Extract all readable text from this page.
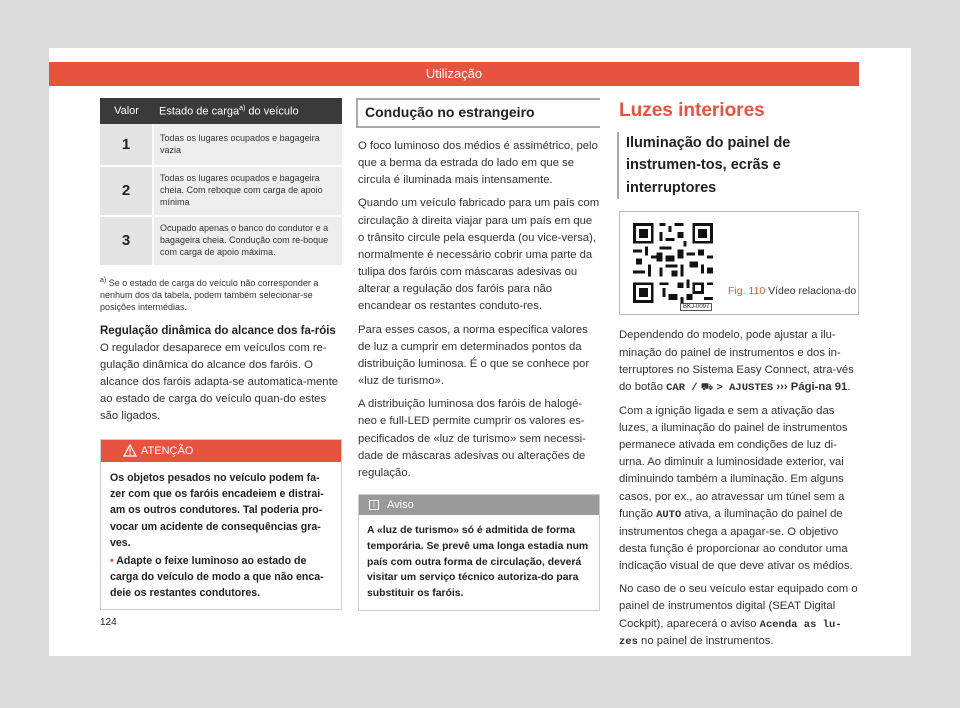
Utilização
Valor	Estado de carga$^{a)}$ do veículo
1	Todas os lugares ocupados e bagageira vazia
2	Todas os lugares ocupados e bagageira cheia. Com reboque com carga de apoio mínima
3	Ocupado apenas o banco do condutor e a bagageira cheia. Condução com re-boque com carga de apoio máxima.
$^{a)}$ Se o estado de carga do veículo não corresponder a nenhum dos da tabela, podem também selecionar-se posições intermédias.
Regulação dinâmica do alcance dos fa-róis

O regulador desaparece em veículos com re-gulação dinâmica do alcance dos faróis. O alcance dos faróis adapta-se automatica-mente ao estado de carga do veículo quan-do estes são ligados.

ATENÇÃO
Os objetos pesados no veículo podem fa-zer com que os faróis encadeiem e distrai-am os outros condutores. Tal poderia pro-vocar um acidente de consequências gra-ves.
• Adapte o feixe luminoso ao estado de carga do veículo de modo a que não enca-deie os restantes condutores.
Condução no estrangeiro

O foco luminoso dos médios é assimétrico, pelo que a berma da estrada do lado em que se circula é iluminada mais intensamente.

Quando um veículo fabricado para um país com circulação à direita viajar para um país em que o trânsito circule pela esquerda (ou vice-versa), normalmente é necessário cobrir uma parte da tulipa dos faróis com máscaras adesivas ou alterar a regulação dos faróis para não encandear os restantes conduto-res.

Para esses casos, a norma especifica valores de luz a cumprir em determinados pontos da distribuição luminosa. É o que se conhece por «luz de turismo».

A distribuição luminosa dos faróis de halogé-neo e full-LED permite cumprir os valores es-pecificados de «luz de turismo» sem necessi-dade de máscaras adesivas ou alterações de regulação.

i	Aviso
A «luz de turismo» só é admitida de forma temporária. Se prevê uma longa estadia num país com outra forma de circulação, deverá visitar um serviço técnico autoriza-do para substituir os faróis.
Luzes interiores
Iluminação do painel de instrumen-tos, ecrãs e interruptores
BKJ-0097
Fig. 110 Vídeo relaciona-do

Dependendo do modelo, pode ajustar a ilu-minação do painel de instrumentos e dos in-terruptores no Sistema Easy Connect, atra-vés do botão CAR / ⛟ > AJUSTES ››› Pági-na 91.

Com a ignição ligada e sem a ativação das luzes, a iluminação do painel de instrumentos permanece ativada em condições de luz di-urna. Ao diminuir a luminosidade exterior, vai diminuindo também a iluminação. Em alguns casos, por ex., ao atravessar um túnel sem a função AUTO ativa, a iluminação do painel de instrumentos chega a apagar-se. O objetivo desta função é proporcionar ao condutor uma indicação visual de que deve ativar os médios.

No caso de o seu veículo estar equipado com o painel de instrumentos digital (SEAT Digital Cockpit), aparecerá o aviso Acenda as lu-zes no painel de instrumentos.

124
